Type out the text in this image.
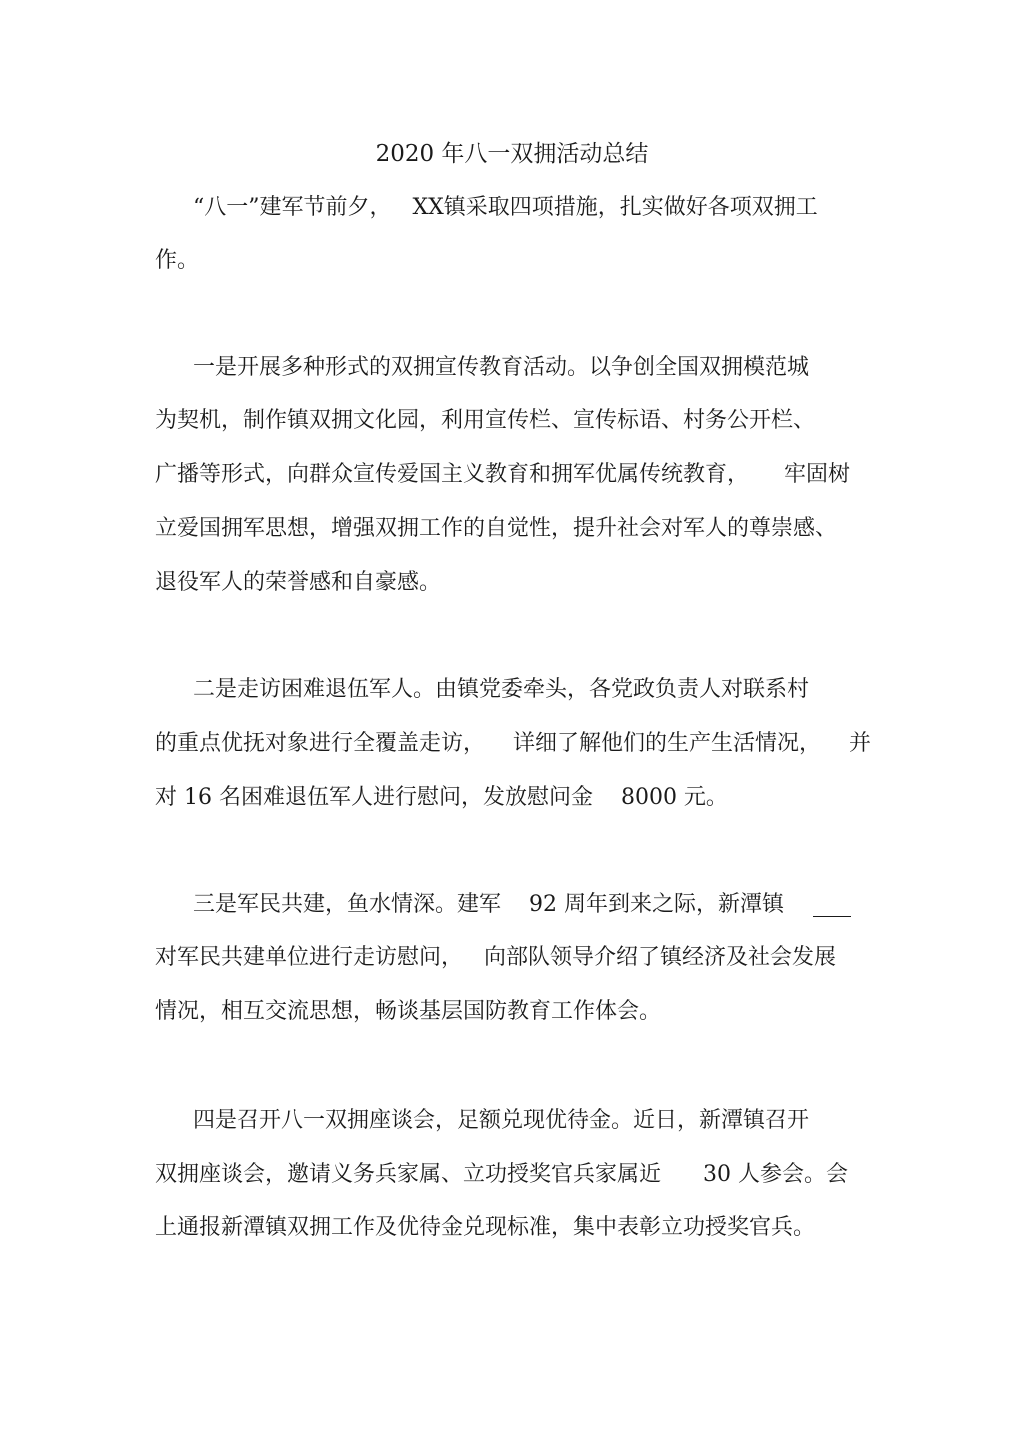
2020 年八一双拥活动总结
“八一”建军节前夕，   XX镇采取四项措施，扎实做好各项双拥工
作。
一是开展多种形式的双拥宣传教育活动。以争创全国双拥模范城
为契机，制作镇双拥文化园，利用宣传栏、宣传标语、村务公开栏、
广播等形式，向群众宣传爱国主义教育和拥军优属传统教育，     牢固树
立爱国拥军思想，增强双拥工作的自觉性，提升社会对军人的尊崇感、
退役军人的荣誉感和自豪感。
二是走访困难退伍军人。由镇党委牵头，各党政负责人对联系村
的重点优抚对象进行全覆盖走访，    详细了解他们的生产生活情况，    并
对 16 名困难退伍军人进行慰问，发放慰问金    8000 元。
三是军民共建，鱼水情深。建军    92 周年到来之际，新潭镇
对军民共建单位进行走访慰问，   向部队领导介绍了镇经济及社会发展
情况，相互交流思想，畅谈基层国防教育工作体会。
四是召开八一双拥座谈会，足额兑现优待金。近日，新潭镇召开
双拥座谈会，邀请义务兵家属、立功授奖官兵家属近      30 人参会。会
上通报新潭镇双拥工作及优待金兑现标准，集中表彰立功授奖官兵。
